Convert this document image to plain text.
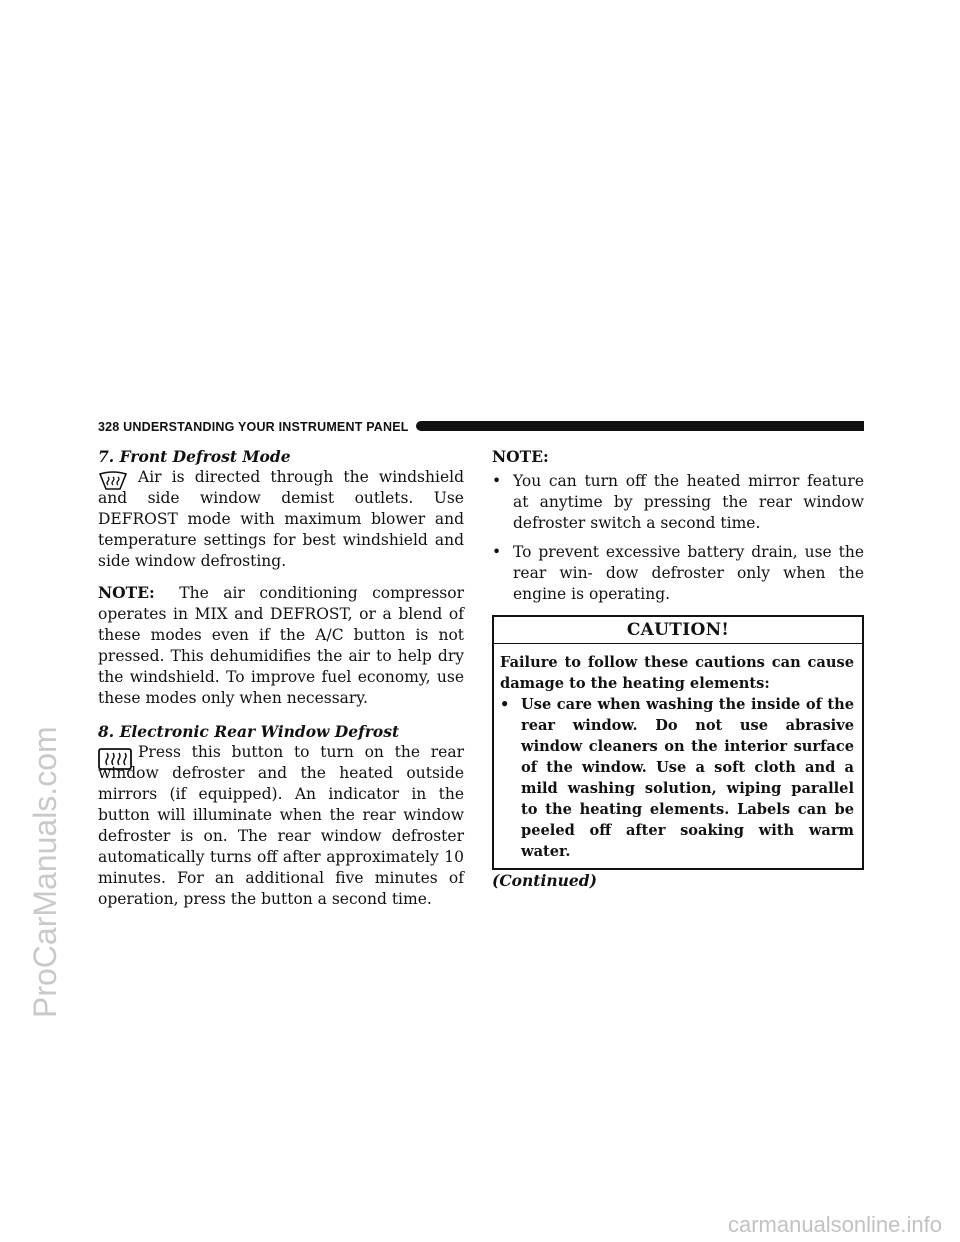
ProCarManuals.com
328 UNDERSTANDING YOUR INSTRUMENT PANEL

7. Front Defrost Mode

Air is directed through the windshield and side window demist outlets. Use DEFROST mode with maximum blower and temperature settings for best windshield and side window defrosting.

NOTE: The air conditioning compressor operates in MIX and DEFROST, or a blend of these modes even if the A/C button is not pressed. This dehumidifies the air to help dry the windshield. To improve fuel economy, use these modes only when necessary.

8. Electronic Rear Window Defrost

Press this button to turn on the rear window defroster and the heated outside mirrors (if equipped). An indicator in the button will illuminate when the rear window defroster is on. The rear window defroster automatically turns off after approximately 10 minutes. For an additional five minutes of operation, press the button a second time.

NOTE:

• You can turn off the heated mirror feature at anytime by pressing the rear window defroster switch a second time.
• To prevent excessive battery drain, use the rear win- dow defroster only when the engine is operating.
CAUTION!

Failure to follow these cautions can cause damage to the heating elements:

• Use care when washing the inside of the rear window. Do not use abrasive window cleaners on the interior surface of the window. Use a soft cloth and a mild washing solution, wiping parallel to the heating elements. Labels can be peeled off after soaking with warm water.

(Continued)

carmanualsonline.info
